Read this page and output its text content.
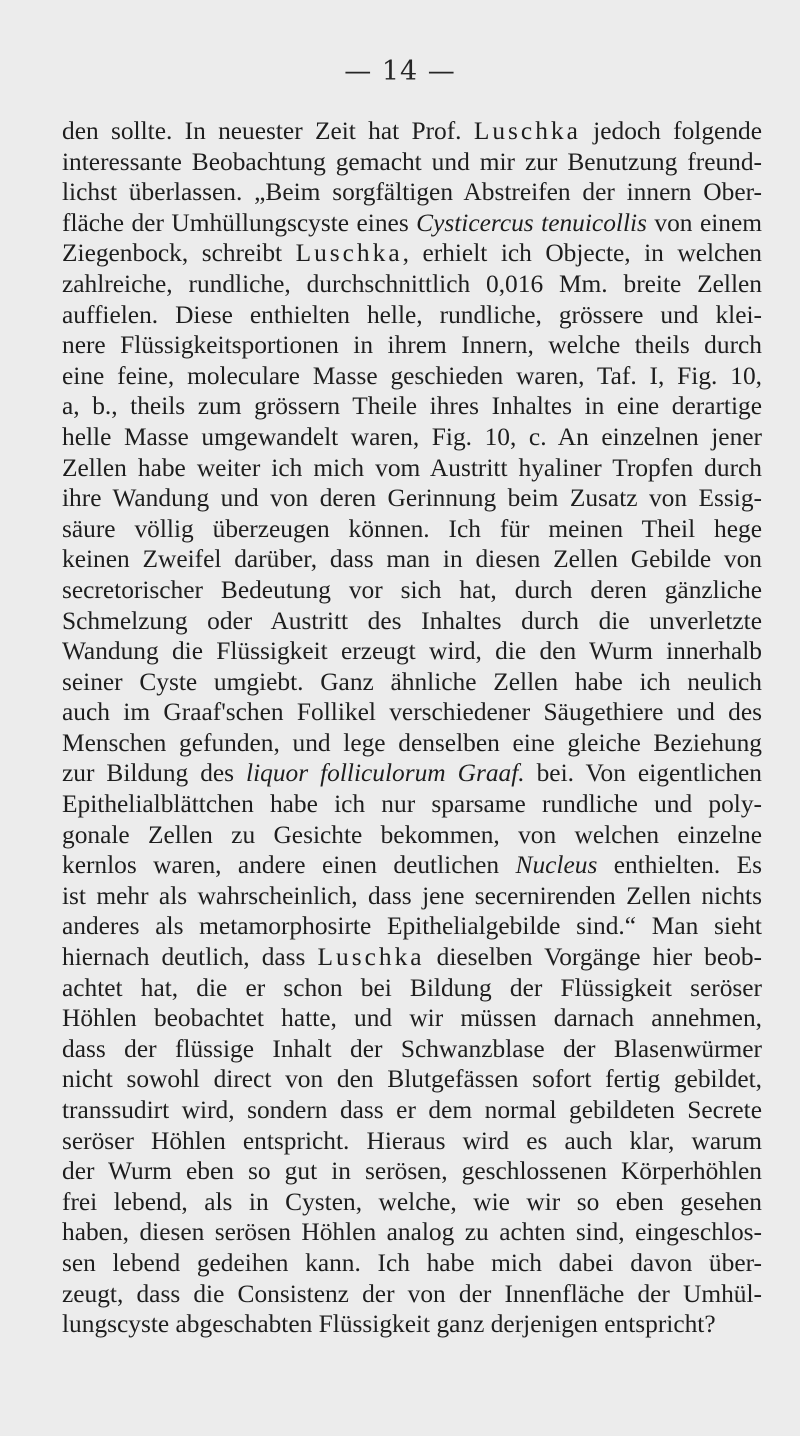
— 14 —
den sollte. In neuester Zeit hat Prof. Luschka jedoch folgende
interessante Beobachtung gemacht und mir zur Benutzung freund-
lichst überlassen. „Beim sorgfältigen Abstreifen der innern Ober-
fläche der Umhüllungscyste eines Cysticercus tenuicollis von einem
Ziegenbock, schreibt Luschka, erhielt ich Objecte, in welchen
zahlreiche, rundliche, durchschnittlich 0,016 Mm. breite Zellen
auffielen. Diese enthielten helle, rundliche, grössere und klei-
nere Flüssigkeitsportionen in ihrem Innern, welche theils durch
eine feine, moleculare Masse geschieden waren, Taf. I, Fig. 10,
a, b., theils zum grössern Theile ihres Inhaltes in eine derartige
helle Masse umgewandelt waren, Fig. 10, c. An einzelnen jener
Zellen habe weiter ich mich vom Austritt hyaliner Tropfen durch
ihre Wandung und von deren Gerinnung beim Zusatz von Essig-
säure völlig überzeugen können. Ich für meinen Theil hege
keinen Zweifel darüber, dass man in diesen Zellen Gebilde von
secretorischer Bedeutung vor sich hat, durch deren gänzliche
Schmelzung oder Austritt des Inhaltes durch die unverletzte
Wandung die Flüssigkeit erzeugt wird, die den Wurm innerhalb
seiner Cyste umgiebt. Ganz ähnliche Zellen habe ich neulich
auch im Graaf'schen Follikel verschiedener Säugethiere und des
Menschen gefunden, und lege denselben eine gleiche Beziehung
zur Bildung des liquor folliculorum Graaf. bei. Von eigentlichen
Epithelialblättchen habe ich nur sparsame rundliche und poly-
gonale Zellen zu Gesichte bekommen, von welchen einzelne
kernlos waren, andere einen deutlichen Nucleus enthielten. Es
ist mehr als wahrscheinlich, dass jene secernirenden Zellen nichts
anderes als metamorphosirte Epithelialgebilde sind.“ Man sieht
hiernach deutlich, dass Luschka dieselben Vorgänge hier beob-
achtet hat, die er schon bei Bildung der Flüssigkeit seröser
Höhlen beobachtet hatte, und wir müssen darnach annehmen,
dass der flüssige Inhalt der Schwanzblase der Blasenwürmer
nicht sowohl direct von den Blutgefässen sofort fertig gebildet,
transsudirt wird, sondern dass er dem normal gebildeten Secrete
seröser Höhlen entspricht. Hieraus wird es auch klar, warum
der Wurm eben so gut in serösen, geschlossenen Körperhöhlen
frei lebend, als in Cysten, welche, wie wir so eben gesehen
haben, diesen serösen Höhlen analog zu achten sind, eingeschlos-
sen lebend gedeihen kann. Ich habe mich dabei davon über-
zeugt, dass die Consistenz der von der Innenfläche der Umhül-
lungscyste abgeschabten Flüssigkeit ganz derjenigen entspricht?
